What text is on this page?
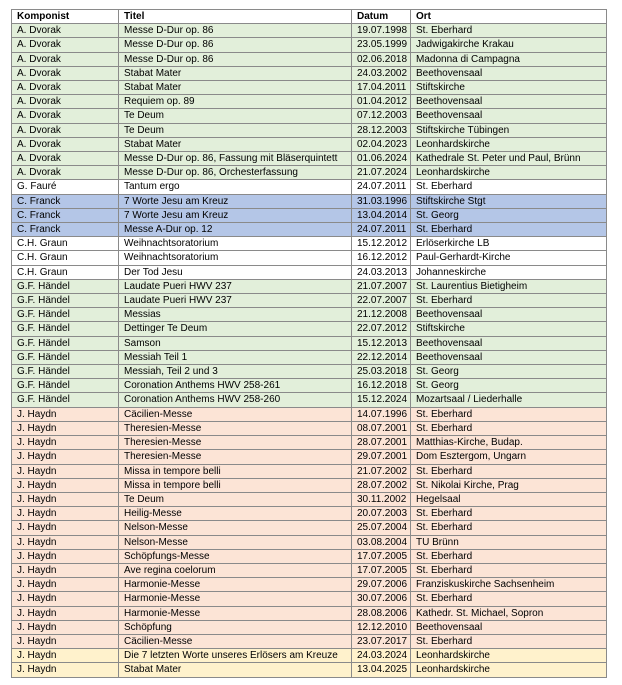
Komponist	Titel	Datum	Ort
A. Dvorak	Messe D-Dur op. 86	19.07.1998	St. Eberhard
A. Dvorak	Messe D-Dur op. 86	23.05.1999	Jadwigakirche Krakau
A. Dvorak	Messe D-Dur op. 86	02.06.2018	Madonna di Campagna
A. Dvorak	Stabat Mater	24.03.2002	Beethovensaal
A. Dvorak	Stabat Mater	17.04.2011	Stiftskirche
A. Dvorak	Requiem op. 89	01.04.2012	Beethovensaal
A. Dvorak	Te Deum	07.12.2003	Beethovensaal
A. Dvorak	Te Deum	28.12.2003	Stiftskirche Tübingen
A. Dvorak	Stabat Mater	02.04.2023	Leonhardskirche
A. Dvorak	Messe D-Dur op. 86, Fassung mit Bläserquintett	01.06.2024	Kathedrale St. Peter und Paul, Brünn
A. Dvorak	Messe D-Dur op. 86, Orchesterfassung	21.07.2024	Leonhardskirche
G. Fauré	Tantum ergo	24.07.2011	St. Eberhard
C. Franck	7 Worte Jesu am Kreuz	31.03.1996	Stiftskirche Stgt
C. Franck	7 Worte Jesu am Kreuz	13.04.2014	St. Georg
C. Franck	Messe A-Dur op. 12	24.07.2011	St. Eberhard
C.H. Graun	Weihnachtsoratorium	15.12.2012	Erlöserkirche LB
C.H. Graun	Weihnachtsoratorium	16.12.2012	Paul-Gerhardt-Kirche
C.H. Graun	Der Tod Jesu	24.03.2013	Johanneskirche
G.F. Händel	Laudate Pueri HWV 237	21.07.2007	St. Laurentius Bietigheim
G.F. Händel	Laudate Pueri HWV 237	22.07.2007	St. Eberhard
G.F. Händel	Messias	21.12.2008	Beethovensaal
G.F. Händel	Dettinger Te Deum	22.07.2012	Stiftskirche
G.F. Händel	Samson	15.12.2013	Beethovensaal
G.F. Händel	Messiah Teil 1	22.12.2014	Beethovensaal
G.F. Händel	Messiah, Teil 2 und 3	25.03.2018	St. Georg
G.F. Händel	Coronation Anthems HWV 258-261	16.12.2018	St. Georg
G.F. Händel	Coronation Anthems HWV 258-260	15.12.2024	Mozartsaal / Liederhalle
J. Haydn	Cäcilien-Messe	14.07.1996	St. Eberhard
J. Haydn	Theresien-Messe	08.07.2001	St. Eberhard
J. Haydn	Theresien-Messe	28.07.2001	Matthias-Kirche, Budap.
J. Haydn	Theresien-Messe	29.07.2001	Dom Esztergom, Ungarn
J. Haydn	Missa in tempore belli	21.07.2002	St. Eberhard
J. Haydn	Missa in tempore belli	28.07.2002	St. Nikolai Kirche, Prag
J. Haydn	Te Deum	30.11.2002	Hegelsaal
J. Haydn	Heilig-Messe	20.07.2003	St. Eberhard
J. Haydn	Nelson-Messe	25.07.2004	St. Eberhard
J. Haydn	Nelson-Messe	03.08.2004	TU Brünn
J. Haydn	Schöpfungs-Messe	17.07.2005	St. Eberhard
J. Haydn	Ave regina coelorum	17.07.2005	St. Eberhard
J. Haydn	Harmonie-Messe	29.07.2006	Franziskuskirche Sachsenheim
J. Haydn	Harmonie-Messe	30.07.2006	St. Eberhard
J. Haydn	Harmonie-Messe	28.08.2006	Kathedr. St. Michael, Sopron
J. Haydn	Schöpfung	12.12.2010	Beethovensaal
J. Haydn	Cäcilien-Messe	23.07.2017	St. Eberhard
J. Haydn	Die 7 letzten Worte unseres Erlösers am Kreuze	24.03.2024	Leonhardskirche
J. Haydn	Stabat Mater	13.04.2025	Leonhardskirche
